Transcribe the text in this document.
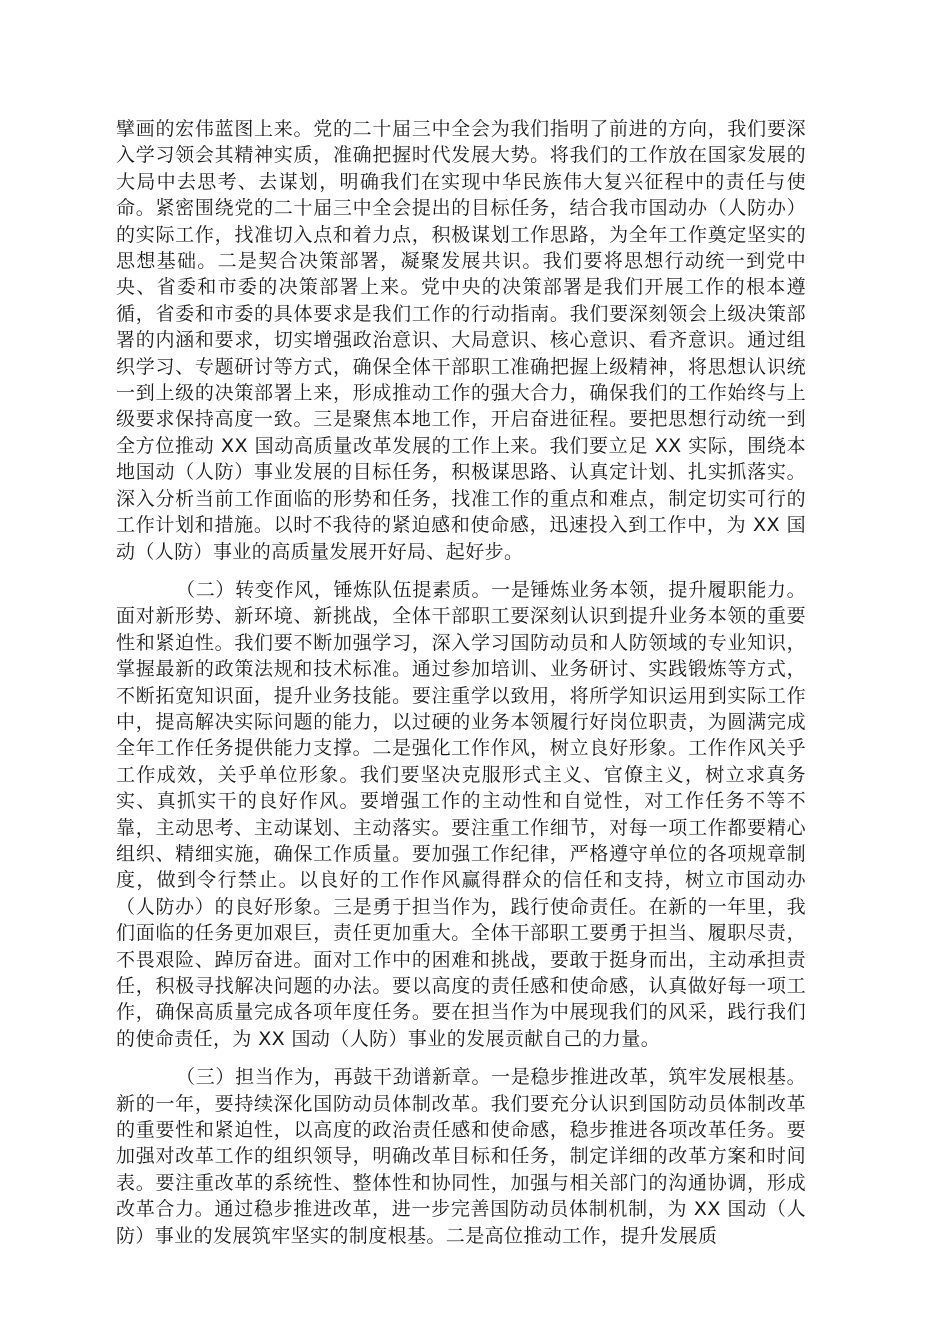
擘画的宏伟蓝图上来。党的二十届三中全会为我们指明了前进的方向，我们要深入学习领会其精神实质，准确把握时代发展大势。将我们的工作放在国家发展的大局中去思考、去谋划，明确我们在实现中华民族伟大复兴征程中的责任与使命。紧密围绕党的二十届三中全会提出的目标任务，结合我市国动办（人防办）的实际工作，找准切入点和着力点，积极谋划工作思路，为全年工作奠定坚实的思想基础。二是契合决策部署，凝聚发展共识。我们要将思想行动统一到党中央、省委和市委的决策部署上来。党中央的决策部署是我们开展工作的根本遵循，省委和市委的具体要求是我们工作的行动指南。我们要深刻领会上级决策部署的内涵和要求，切实增强政治意识、大局意识、核心意识、看齐意识。通过组织学习、专题研讨等方式，确保全体干部职工准确把握上级精神，将思想认识统一到上级的决策部署上来，形成推动工作的强大合力，确保我们的工作始终与上级要求保持高度一致。三是聚焦本地工作，开启奋进征程。要把思想行动统一到全方位推动 XX 国动高质量改革发展的工作上来。我们要立足 XX 实际，围绕本地国动（人防）事业发展的目标任务，积极谋思路、认真定计划、扎实抓落实。深入分析当前工作面临的形势和任务，找准工作的重点和难点，制定切实可行的工作计划和措施。以时不我待的紧迫感和使命感，迅速投入到工作中，为 XX 国动（人防）事业的高质量发展开好局、起好步。

（二）转变作风，锤炼队伍提素质。一是锤炼业务本领，提升履职能力。面对新形势、新环境、新挑战，全体干部职工要深刻认识到提升业务本领的重要性和紧迫性。我们要不断加强学习，深入学习国防动员和人防领域的专业知识，掌握最新的政策法规和技术标准。通过参加培训、业务研讨、实践锻炼等方式，不断拓宽知识面，提升业务技能。要注重学以致用，将所学知识运用到实际工作中，提高解决实际问题的能力，以过硬的业务本领履行好岗位职责，为圆满完成全年工作任务提供能力支撑。二是强化工作作风，树立良好形象。工作作风关乎工作成效，关乎单位形象。我们要坚决克服形式主义、官僚主义，树立求真务实、真抓实干的良好作风。要增强工作的主动性和自觉性，对工作任务不等不靠，主动思考、主动谋划、主动落实。要注重工作细节，对每一项工作都要精心组织、精细实施，确保工作质量。要加强工作纪律，严格遵守单位的各项规章制度，做到令行禁止。以良好的工作作风赢得群众的信任和支持，树立市国动办（人防办）的良好形象。三是勇于担当作为，践行使命责任。在新的一年里，我们面临的任务更加艰巨，责任更加重大。全体干部职工要勇于担当、履职尽责，不畏艰险、踔厉奋进。面对工作中的困难和挑战，要敢于挺身而出，主动承担责任，积极寻找解决问题的办法。要以高度的责任感和使命感，认真做好每一项工作，确保高质量完成各项年度任务。要在担当作为中展现我们的风采，践行我们的使命责任，为 XX 国动（人防）事业的发展贡献自己的力量。

（三）担当作为，再鼓干劲谱新章。一是稳步推进改革，筑牢发展根基。新的一年，要持续深化国防动员体制改革。我们要充分认识到国防动员体制改革的重要性和紧迫性，以高度的政治责任感和使命感，稳步推进各项改革任务。要加强对改革工作的组织领导，明确改革目标和任务，制定详细的改革方案和时间表。要注重改革的系统性、整体性和协同性，加强与相关部门的沟通协调，形成改革合力。通过稳步推进改革，进一步完善国防动员体制机制，为 XX 国动（人防）事业的发展筑牢坚实的制度根基。二是高位推动工作，提升发展质
